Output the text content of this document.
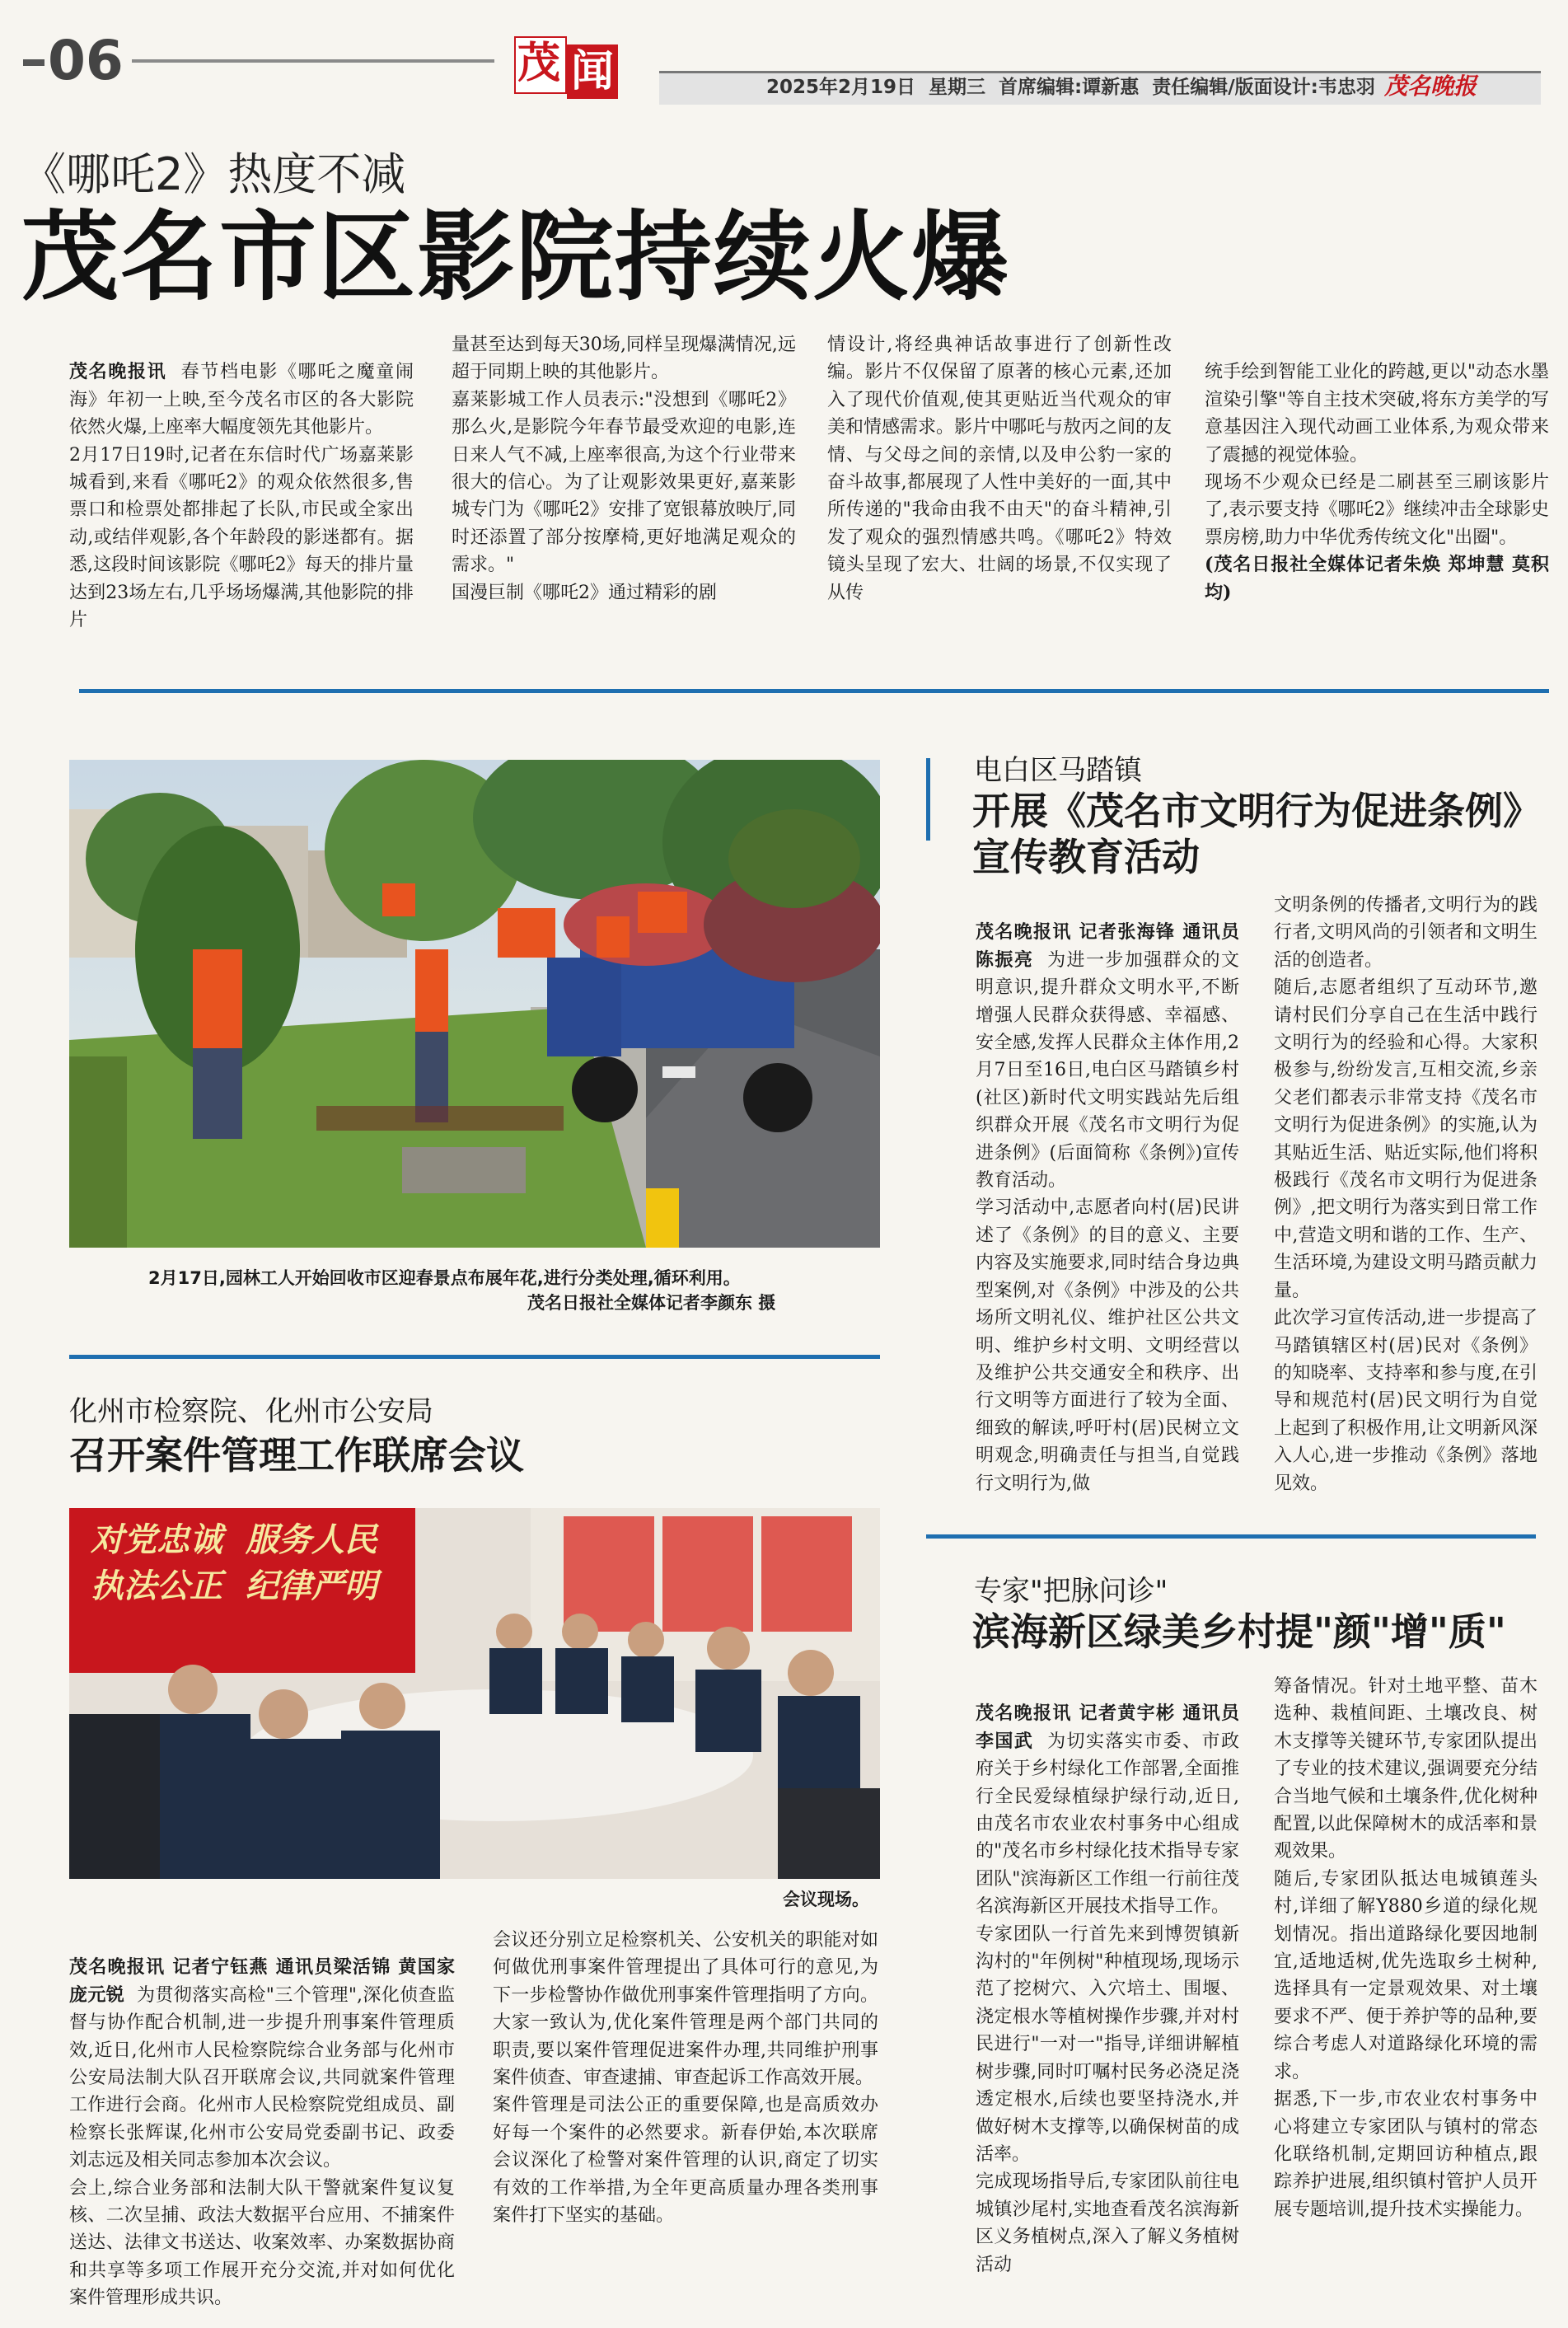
06	茂 闻	2025年2月19日  星期三  首席编辑:谭新惠  责任编辑/版面设计:韦忠羽 茂名晚报
《哪吒2》热度不减
茂名市区影院持续火爆

茂名晚报讯 春节档电影《哪吒之魔童闹海》年初一上映,至今茂名市区的各大影院依然火爆,上座率大幅度领先其他影片。
2月17日19时,记者在东信时代广场嘉莱影城看到,来看《哪吒2》的观众依然很多,售票口和检票处都排起了长队,市民或全家出动,或结伴观影,各个年龄段的影迷都有。据悉,这段时间该影院《哪吒2》每天的排片量达到23场左右,几乎场场爆满,其他影院的排片

量甚至达到每天30场,同样呈现爆满情况,远超于同期上映的其他影片。
嘉莱影城工作人员表示:"没想到《哪吒2》那么火,是影院今年春节最受欢迎的电影,连日来人气不减,上座率很高,为这个行业带来很大的信心。为了让观影效果更好,嘉莱影城专门为《哪吒2》安排了宽银幕放映厅,同时还添置了部分按摩椅,更好地满足观众的需求。"
国漫巨制《哪吒2》通过精彩的剧
情设计,将经典神话故事进行了创新性改编。影片不仅保留了原著的核心元素,还加入了现代价值观,使其更贴近当代观众的审美和情感需求。影片中哪吒与敖丙之间的友情、与父母之间的亲情,以及申公豹一家的奋斗故事,都展现了人性中美好的一面,其中所传递的"我命由我不由天"的奋斗精神,引发了观众的强烈情感共鸣。《哪吒2》特效镜头呈现了宏大、壮阔的场景,不仅实现了从传

统手绘到智能工业化的跨越,更以"动态水墨渲染引擎"等自主技术突破,将东方美学的写意基因注入现代动画工业体系,为观众带来了震撼的视觉体验。
现场不少观众已经是二刷甚至三刷该影片了,表示要支持《哪吒2》继续冲击全球影史票房榜,助力中华优秀传统文化"出圈"。

(茂名日报社全媒体记者朱焕 郑坤慧 莫积均)

2月17日,园林工人开始回收市区迎春景点布展年花,进行分类处理,循环利用。
茂名日报社全媒体记者李颜东 摄
电白区马踏镇
开展《茂名市文明行为促进条例》
宣传教育活动

茂名晚报讯 记者张海锋 通讯员陈振亮 为进一步加强群众的文明意识,提升群众文明水平,不断增强人民群众获得感、幸福感、安全感,发挥人民群众主体作用,2月7日至16日,电白区马踏镇乡村(社区)新时代文明实践站先后组织群众开展《茂名市文明行为促进条例》(后面简称《条例》)宣传教育活动。
学习活动中,志愿者向村(居)民讲述了《条例》的目的意义、主要内容及实施要求,同时结合身边典型案例,对《条例》中涉及的公共场所文明礼仪、维护社区公共文明、维护乡村文明、文明经营以及维护公共交通安全和秩序、出行文明等方面进行了较为全面、细致的解读,呼吁村(居)民树立文明观念,明确责任与担当,自觉践行文明行为,做

文明条例的传播者,文明行为的践行者,文明风尚的引领者和文明生活的创造者。
随后,志愿者组织了互动环节,邀请村民们分享自己在生活中践行文明行为的经验和心得。大家积极参与,纷纷发言,互相交流,乡亲父老们都表示非常支持《茂名市文明行为促进条例》的实施,认为其贴近生活、贴近实际,他们将积极践行《茂名市文明行为促进条例》,把文明行为落实到日常工作中,营造文明和谐的工作、生产、生活环境,为建设文明马踏贡献力量。
此次学习宣传活动,进一步提高了马踏镇辖区村(居)民对《条例》的知晓率、支持率和参与度,在引导和规范村(居)民文明行为自觉上起到了积极作用,让文明新风深入人心,进一步推动《条例》落地见效。
化州市检察院、化州市公安局
召开案件管理工作联席会议
对党忠诚  服务人民
执法公正  纪律严明
会议现场。

茂名晚报讯 记者宁钰燕 通讯员梁活锦 黄国家 庞元锐 为贯彻落实高检"三个管理",深化侦查监督与协作配合机制,进一步提升刑事案件管理质效,近日,化州市人民检察院综合业务部与化州市公安局法制大队召开联席会议,共同就案件管理工作进行会商。化州市人民检察院党组成员、副检察长张辉谋,化州市公安局党委副书记、政委刘志远及相关同志参加本次会议。
会上,综合业务部和法制大队干警就案件复议复核、二次呈捕、政法大数据平台应用、不捕案件送达、法律文书送达、收案效率、办案数据协商和共享等多项工作展开充分交流,并对如何优化案件管理形成共识。

会议还分别立足检察机关、公安机关的职能对如何做优刑事案件管理提出了具体可行的意见,为下一步检警协作做优刑事案件管理指明了方向。大家一致认为,优化案件管理是两个部门共同的职责,要以案件管理促进案件办理,共同维护刑事案件侦查、审查逮捕、审查起诉工作高效开展。
案件管理是司法公正的重要保障,也是高质效办好每一个案件的必然要求。新春伊始,本次联席会议深化了检警对案件管理的认识,商定了切实有效的工作举措,为全年更高质量办理各类刑事案件打下坚实的基础。
专家"把脉问诊"
滨海新区绿美乡村提"颜"增"质"

茂名晚报讯 记者黄宇彬 通讯员李国武 为切实落实市委、市政府关于乡村绿化工作部署,全面推行全民爱绿植绿护绿行动,近日,由茂名市农业农村事务中心组成的"茂名市乡村绿化技术指导专家团队"滨海新区工作组一行前往茂名滨海新区开展技术指导工作。
专家团队一行首先来到博贺镇新沟村的"年例树"种植现场,现场示范了挖树穴、入穴培土、围堰、浇定根水等植树操作步骤,并对村民进行"一对一"指导,详细讲解植树步骤,同时叮嘱村民务必浇足浇透定根水,后续也要坚持浇水,并做好树木支撑等,以确保树苗的成活率。
完成现场指导后,专家团队前往电城镇沙尾村,实地查看茂名滨海新区义务植树点,深入了解义务植树活动

筹备情况。针对土地平整、苗木选种、栽植间距、土壤改良、树木支撑等关键环节,专家团队提出了专业的技术建议,强调要充分结合当地气候和土壤条件,优化树种配置,以此保障树木的成活率和景观效果。
随后,专家团队抵达电城镇莲头村,详细了解Y880乡道的绿化规划情况。指出道路绿化要因地制宜,适地适树,优先选取乡土树种,选择具有一定景观效果、对土壤要求不严、便于养护等的品种,要综合考虑人对道路绿化环境的需求。
据悉,下一步,市农业农村事务中心将建立专家团队与镇村的常态化联络机制,定期回访种植点,跟踪养护进展,组织镇村管护人员开展专题培训,提升技术实操能力。
